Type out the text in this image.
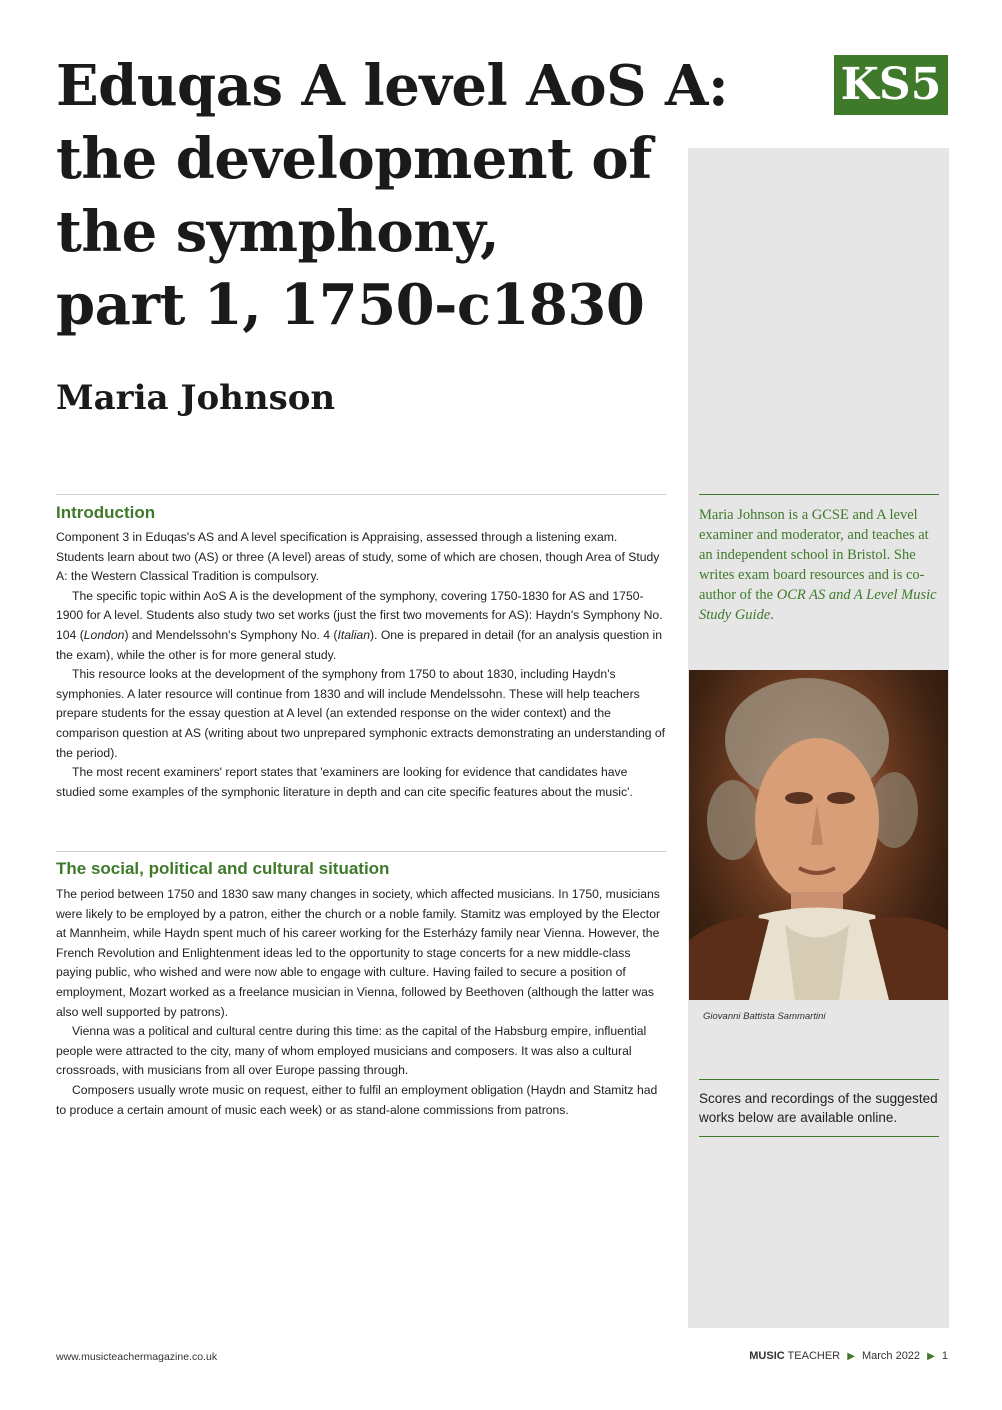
Eduqas A level AoS A:
the development of
the symphony,
part 1, 1750-c1830
Maria Johnson
KS5

Maria Johnson is a GCSE and A level examiner and moderator, and teaches at an independent school in Bristol. She writes exam board resources and is co-author of the OCR AS and A Level Music Study Guide.

Giovanni Battista Sammartini

Scores and recordings of the suggested works below are available online.

Introduction

Component 3 in Eduqas's AS and A level specification is Appraising, assessed through a listening exam. Students learn about two (AS) or three (A level) areas of study, some of which are chosen, though Area of Study A: the Western Classical Tradition is compulsory.

The specific topic within AoS A is the development of the symphony, covering 1750-1830 for AS and 1750-1900 for A level. Students also study two set works (just the first two movements for AS): Haydn's Symphony No. 104 (London) and Mendelssohn's Symphony No. 4 (Italian). One is prepared in detail (for an analysis question in the exam), while the other is for more general study.

This resource looks at the development of the symphony from 1750 to about 1830, including Haydn's symphonies. A later resource will continue from 1830 and will include Mendelssohn. These will help teachers prepare students for the essay question at A level (an extended response on the wider context) and the comparison question at AS (writing about two unprepared symphonic extracts demonstrating an understanding of the period).

The most recent examiners' report states that 'examiners are looking for evidence that candidates have studied some examples of the symphonic literature in depth and can cite specific features about the music'.

The social, political and cultural situation

The period between 1750 and 1830 saw many changes in society, which affected musicians. In 1750, musicians were likely to be employed by a patron, either the church or a noble family. Stamitz was employed by the Elector at Mannheim, while Haydn spent much of his career working for the Esterházy family near Vienna. However, the French Revolution and Enlightenment ideas led to the opportunity to stage concerts for a new middle-class paying public, who wished and were now able to engage with culture. Having failed to secure a position of employment, Mozart worked as a freelance musician in Vienna, followed by Beethoven (although the latter was also well supported by patrons).

Vienna was a political and cultural centre during this time: as the capital of the Habsburg empire, influential people were attracted to the city, many of whom employed musicians and composers. It was also a cultural crossroads, with musicians from all over Europe passing through.

Composers usually wrote music on request, either to fulfil an employment obligation (Haydn and Stamitz had to produce a certain amount of music each week) or as stand-alone commissions from patrons.

www.musicteachermagazine.co.uk	MUSIC TEACHER ▶ March 2022 ▶ 1
